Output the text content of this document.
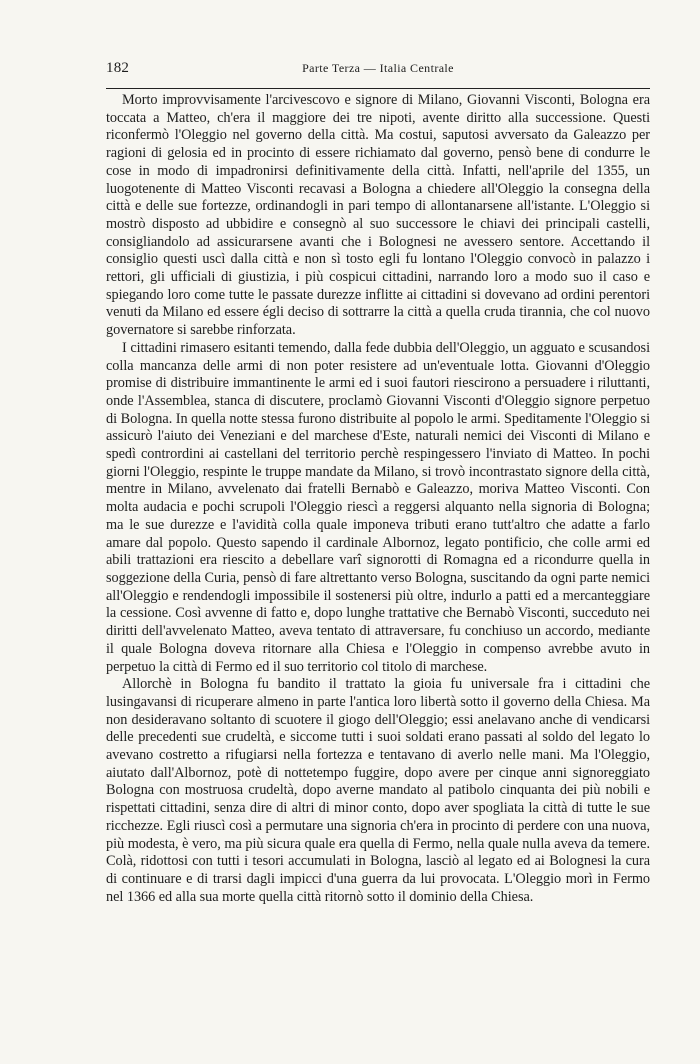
182	Parte Terza — Italia Centrale

Morto improvvisamente l'arcivescovo e signore di Milano, Giovanni Visconti, Bologna era toccata a Matteo, ch'era il maggiore dei tre nipoti, avente diritto alla successione. Questi riconfermò l'Oleggio nel governo della città. Ma costui, saputosi avversato da Galeazzo per ragioni di gelosia ed in procinto di essere richiamato dal governo, pensò bene di condurre le cose in modo di impadronirsi definitivamente della città. Infatti, nell'aprile del 1355, un luogotenente di Matteo Visconti recavasi a Bologna a chiedere all'Oleggio la consegna della città e delle sue fortezze, ordinandogli in pari tempo di allontanarsene all'istante. L'Oleggio si mostrò disposto ad ubbidire e consegnò al suo successore le chiavi dei principali castelli, consigliandolo ad assicurarsene avanti che i Bolognesi ne avessero sentore. Accettando il consiglio questi uscì dalla città e non sì tosto egli fu lontano l'Oleggio convocò in palazzo i rettori, gli ufficiali di giustizia, i più cospicui cittadini, narrando loro a modo suo il caso e spiegando loro come tutte le passate durezze inflitte ai cittadini si dovevano ad ordini perentori venuti da Milano ed essere égli deciso di sottrarre la città a quella cruda tirannia, che col nuovo governatore si sarebbe rinforzata.

I cittadini rimasero esitanti temendo, dalla fede dubbia dell'Oleggio, un agguato e scusandosi colla mancanza delle armi di non poter resistere ad un'eventuale lotta. Giovanni d'Oleggio promise di distribuire immantinente le armi ed i suoi fautori riescirono a persuadere i riluttanti, onde l'Assemblea, stanca di discutere, proclamò Giovanni Visconti d'Oleggio signore perpetuo di Bologna. In quella notte stessa furono distribuite al popolo le armi. Speditamente l'Oleggio si assicurò l'aiuto dei Veneziani e del marchese d'Este, naturali nemici dei Visconti di Milano e spedì contrordini ai castellani del territorio perchè respingessero l'inviato di Matteo. In pochi giorni l'Oleggio, respinte le truppe mandate da Milano, si trovò incontrastato signore della città, mentre in Milano, avvelenato dai fratelli Bernabò e Galeazzo, moriva Matteo Visconti. Con molta audacia e pochi scrupoli l'Oleggio riescì a reggersi alquanto nella signoria di Bologna; ma le sue durezze e l'avidità colla quale imponeva tributi erano tutt'altro che adatte a farlo amare dal popolo. Questo sapendo il cardinale Albornoz, legato pontificio, che colle armi ed abili trattazioni era riescito a debellare varî signorotti di Romagna ed a ricondurre quella in soggezione della Curia, pensò di fare altrettanto verso Bologna, suscitando da ogni parte nemici all'Oleggio e rendendogli impossibile il sostenersi più oltre, indurlo a patti ed a mercanteggiare la cessione. Così avvenne di fatto e, dopo lunghe trattative che Bernabò Visconti, succeduto nei diritti dell'avvelenato Matteo, aveva tentato di attraversare, fu conchiuso un accordo, mediante il quale Bologna doveva ritornare alla Chiesa e l'Oleggio in compenso avrebbe avuto in perpetuo la città di Fermo ed il suo territorio col titolo di marchese.

Allorchè in Bologna fu bandito il trattato la gioia fu universale fra i cittadini che lusingavansi di ricuperare almeno in parte l'antica loro libertà sotto il governo della Chiesa. Ma non desideravano soltanto di scuotere il giogo dell'Oleggio; essi anelavano anche di vendicarsi delle precedenti sue crudeltà, e siccome tutti i suoi soldati erano passati al soldo del legato lo avevano costretto a rifugiarsi nella fortezza e tentavano di averlo nelle mani. Ma l'Oleggio, aiutato dall'Albornoz, potè di nottetempo fuggire, dopo avere per cinque anni signoreggiato Bologna con mostruosa crudeltà, dopo averne mandato al patibolo cinquanta dei più nobili e rispettati cittadini, senza dire di altri di minor conto, dopo aver spogliata la città di tutte le sue ricchezze. Egli riuscì così a permutare una signoria ch'era in procinto di perdere con una nuova, più modesta, è vero, ma più sicura quale era quella di Fermo, nella quale nulla aveva da temere. Colà, ridottosi con tutti i tesori accumulati in Bologna, lasciò al legato ed ai Bolognesi la cura di continuare e di trarsi dagli impicci d'una guerra da lui provocata. L'Oleggio morì in Fermo nel 1366 ed alla sua morte quella città ritornò sotto il dominio della Chiesa.
